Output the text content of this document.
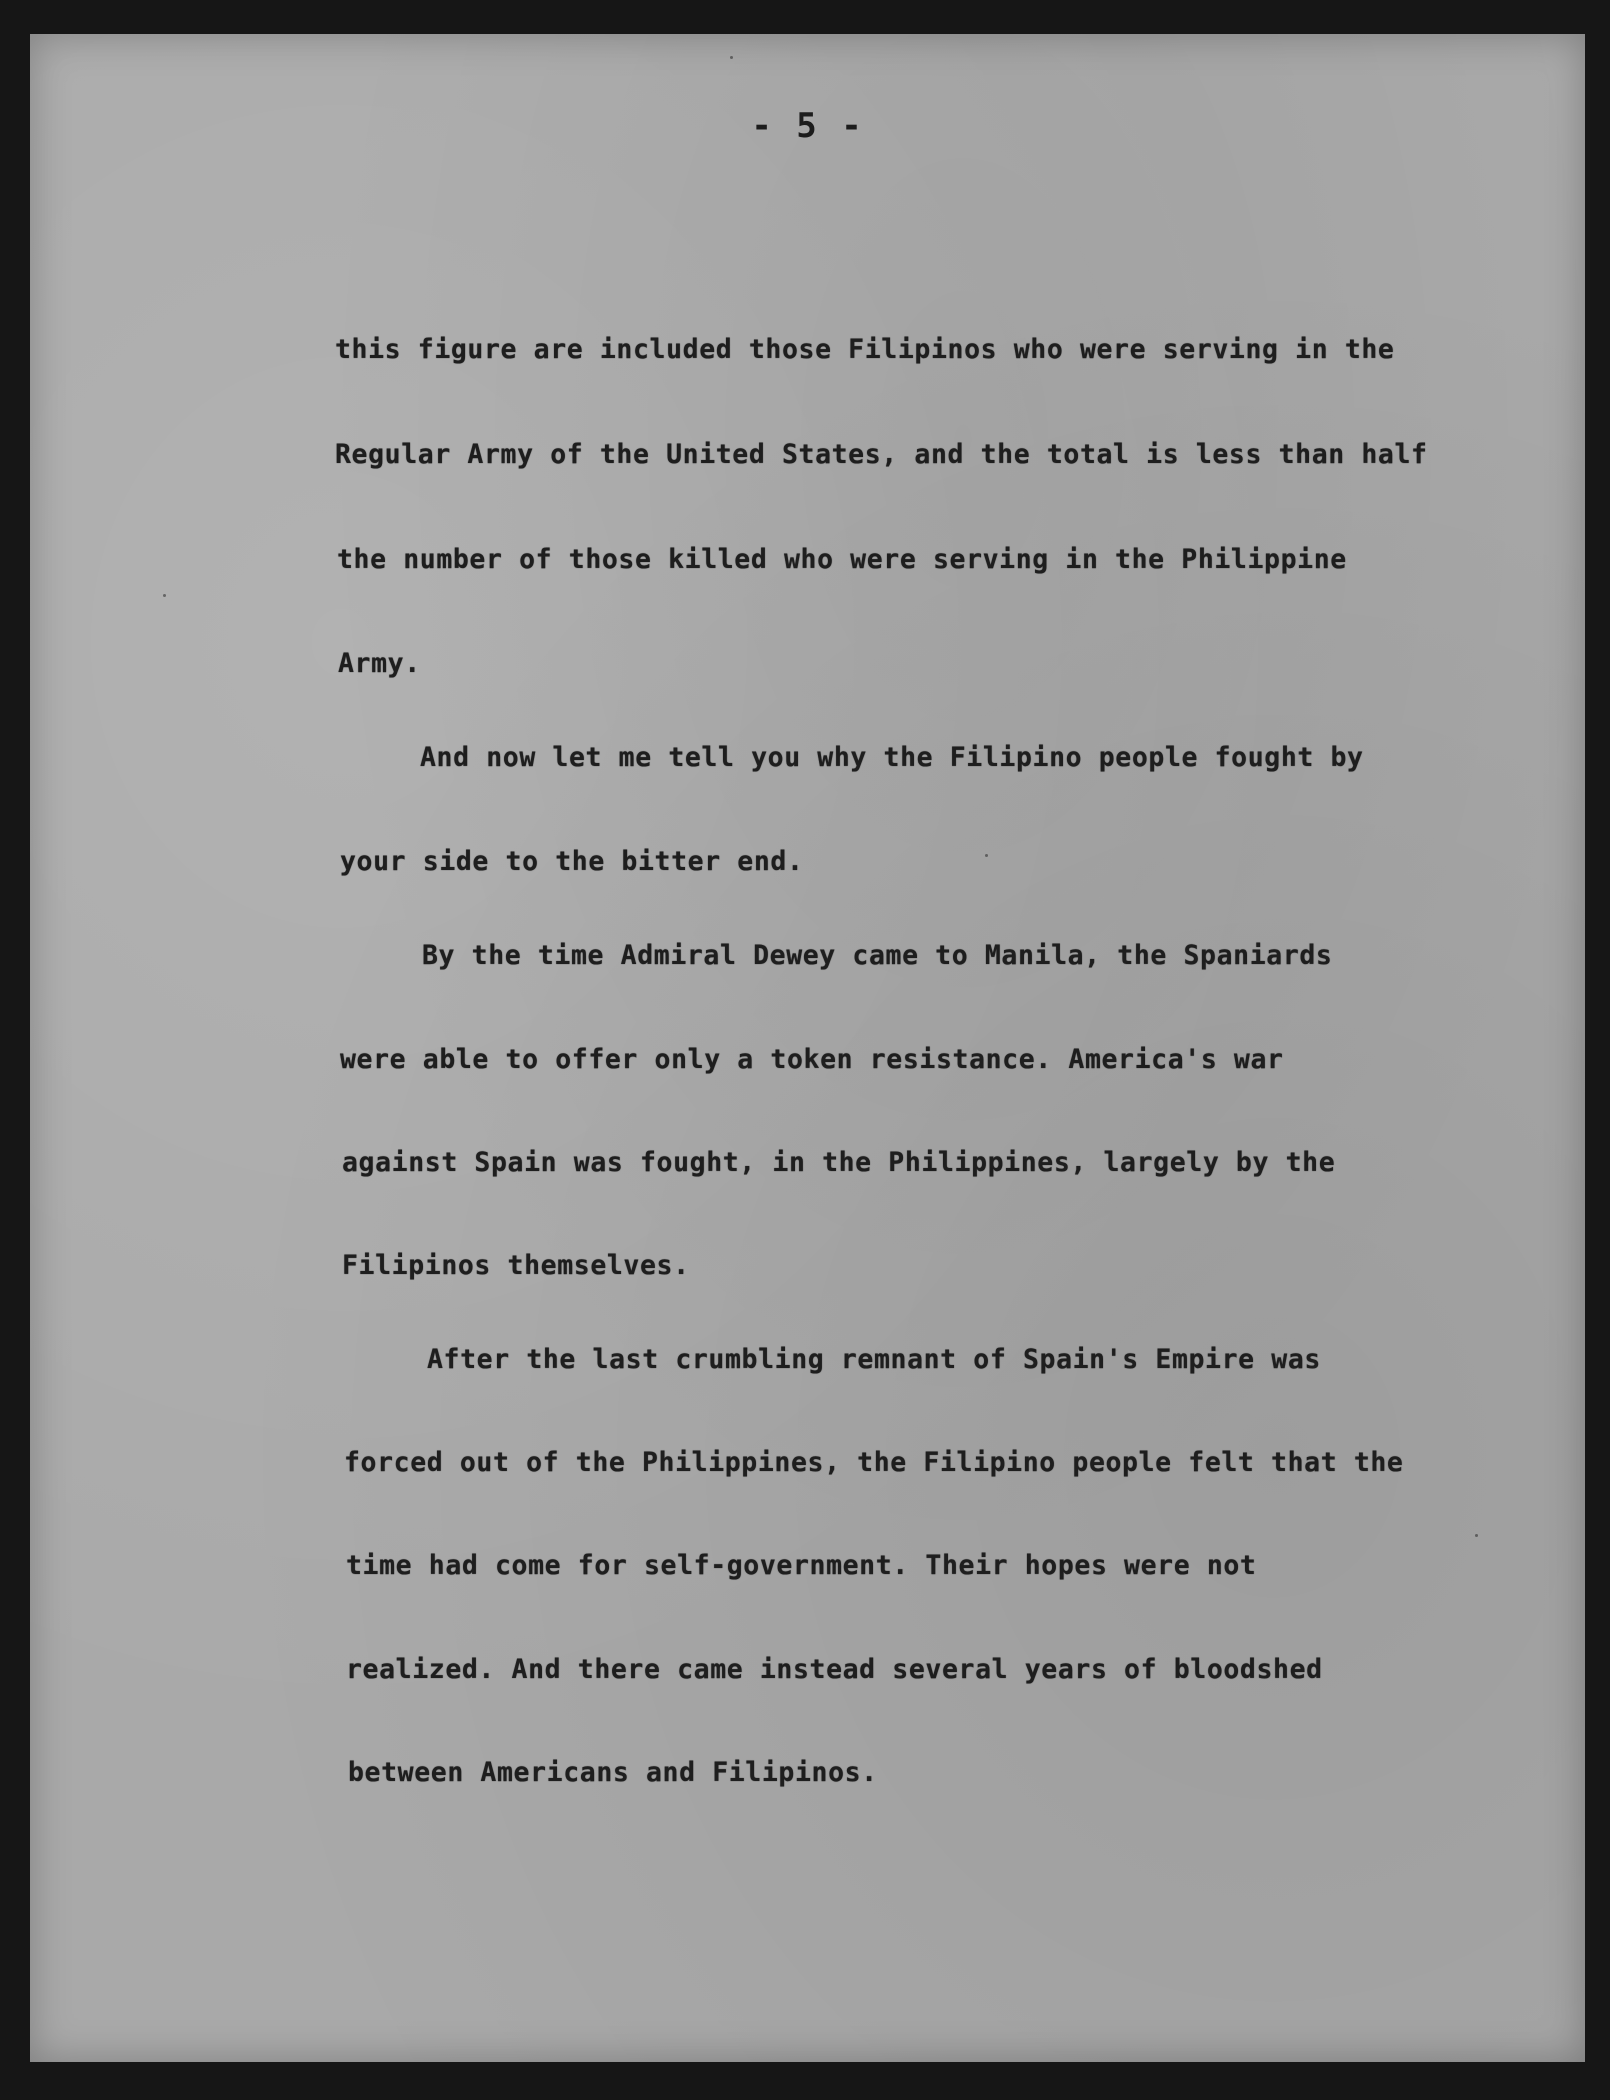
- 5 -
this figure are included those Filipinos who were serving in the
Regular Army of the United States, and the total is less than half
the number of those killed who were serving in the Philippine
Army.
And now let me tell you why the Filipino people fought by
your side to the bitter end.
By the time Admiral Dewey came to Manila, the Spaniards
were able to offer only a token resistance. America's war
against Spain was fought, in the Philippines, largely by the
Filipinos themselves.
After the last crumbling remnant of Spain's Empire was
forced out of the Philippines, the Filipino people felt that the
time had come for self-government. Their hopes were not
realized. And there came instead several years of bloodshed
between Americans and Filipinos.
